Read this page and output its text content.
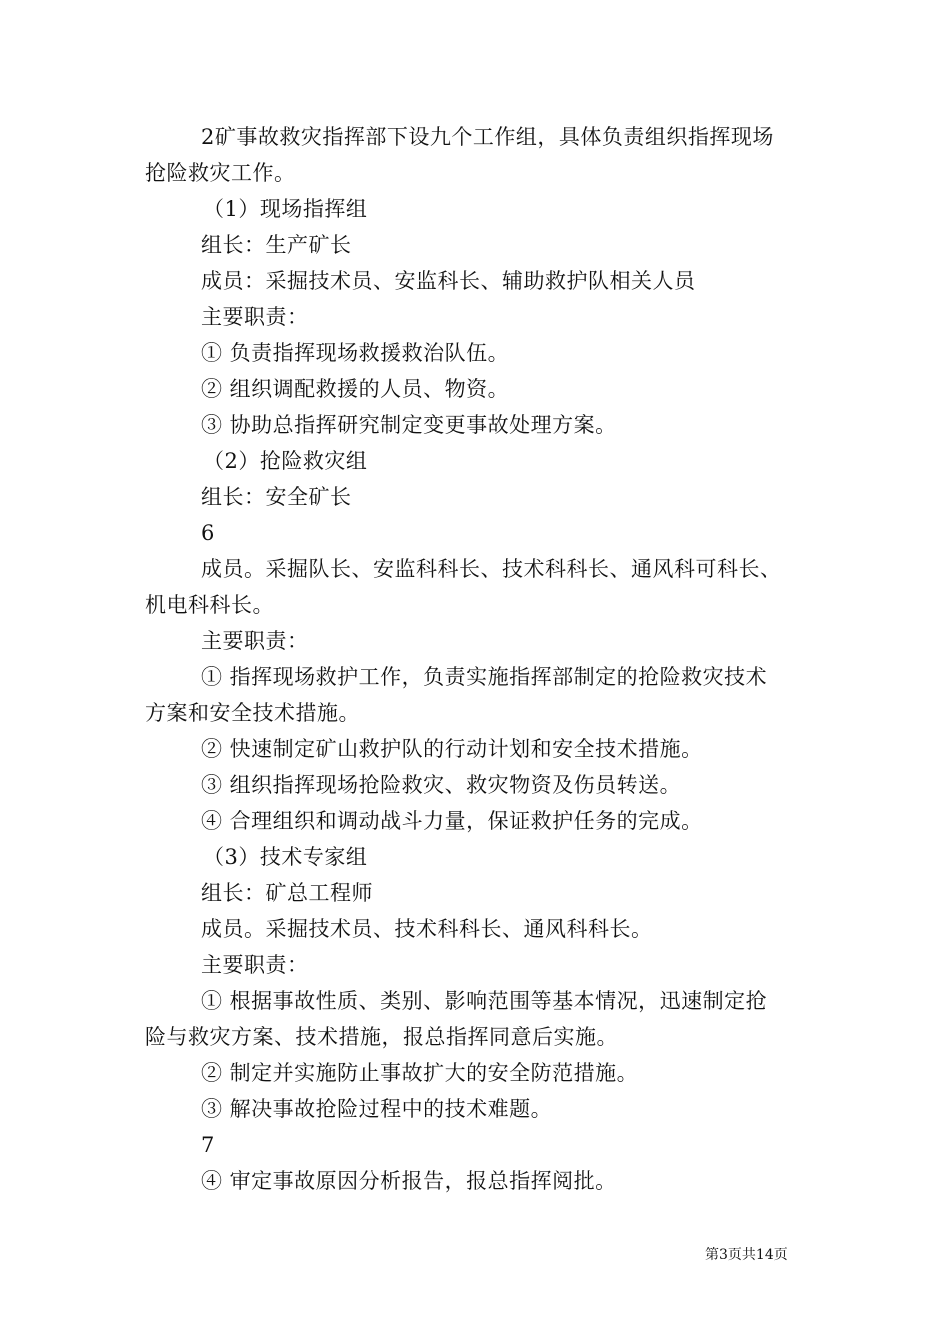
2矿事故救灾指挥部下设九个工作组，具体负责组织指挥现场
抢险救灾工作。
（1）现场指挥组
组长：生产矿长
成员：采掘技术员、安监科长、辅助救护队相关人员
主要职责：
① 负责指挥现场救援救治队伍。
② 组织调配救援的人员、物资。
③ 协助总指挥研究制定变更事故处理方案。
（2）抢险救灾组
组长：安全矿长
6
成员。采掘队长、安监科科长、技术科科长、通风科可科长、
机电科科长。
主要职责：
① 指挥现场救护工作，负责实施指挥部制定的抢险救灾技术
方案和安全技术措施。
② 快速制定矿山救护队的行动计划和安全技术措施。
③ 组织指挥现场抢险救灾、救灾物资及伤员转送。
④ 合理组织和调动战斗力量，保证救护任务的完成。
（3）技术专家组
组长：矿总工程师
成员。采掘技术员、技术科科长、通风科科长。
主要职责：
① 根据事故性质、类别、影响范围等基本情况，迅速制定抢
险与救灾方案、技术措施，报总指挥同意后实施。
② 制定并实施防止事故扩大的安全防范措施。
③ 解决事故抢险过程中的技术难题。
7
④ 审定事故原因分析报告，报总指挥阅批。
第3页共14页
